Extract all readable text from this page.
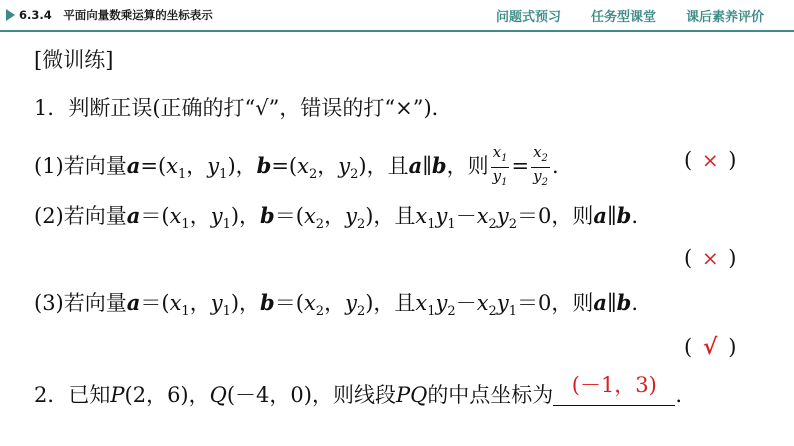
6.3.4　平面向量数乘运算的坐标表示	问题式预习 任务型课堂 课后素养评价
[微训练]
1．判断正误(正确的打“√”，错误的打“×”)．
(1)若向量$a=(x_1$，$y_1$)，$b=(x_2$，$y_2$)，且a∥b，则 $\frac{x_1}{y_1} = \frac{x_2}{y_2}$ .	( × )
(2)若向量$a=(x_1$，$y_1$)，$b=(x_2$，$y_2$)，且$x_1y_1-x_2y_2=0$，则a∥b.
( × )
(3)若向量$a=(x_1$，$y_1$)，$b=(x_2$，$y_2$)，且$x_1y_2-x_2y_1=0$，则a∥b.
( √ )
2．已知P(2，6)，Q(－4，0)，则线段PQ的中点坐标为 (－1，3) .
